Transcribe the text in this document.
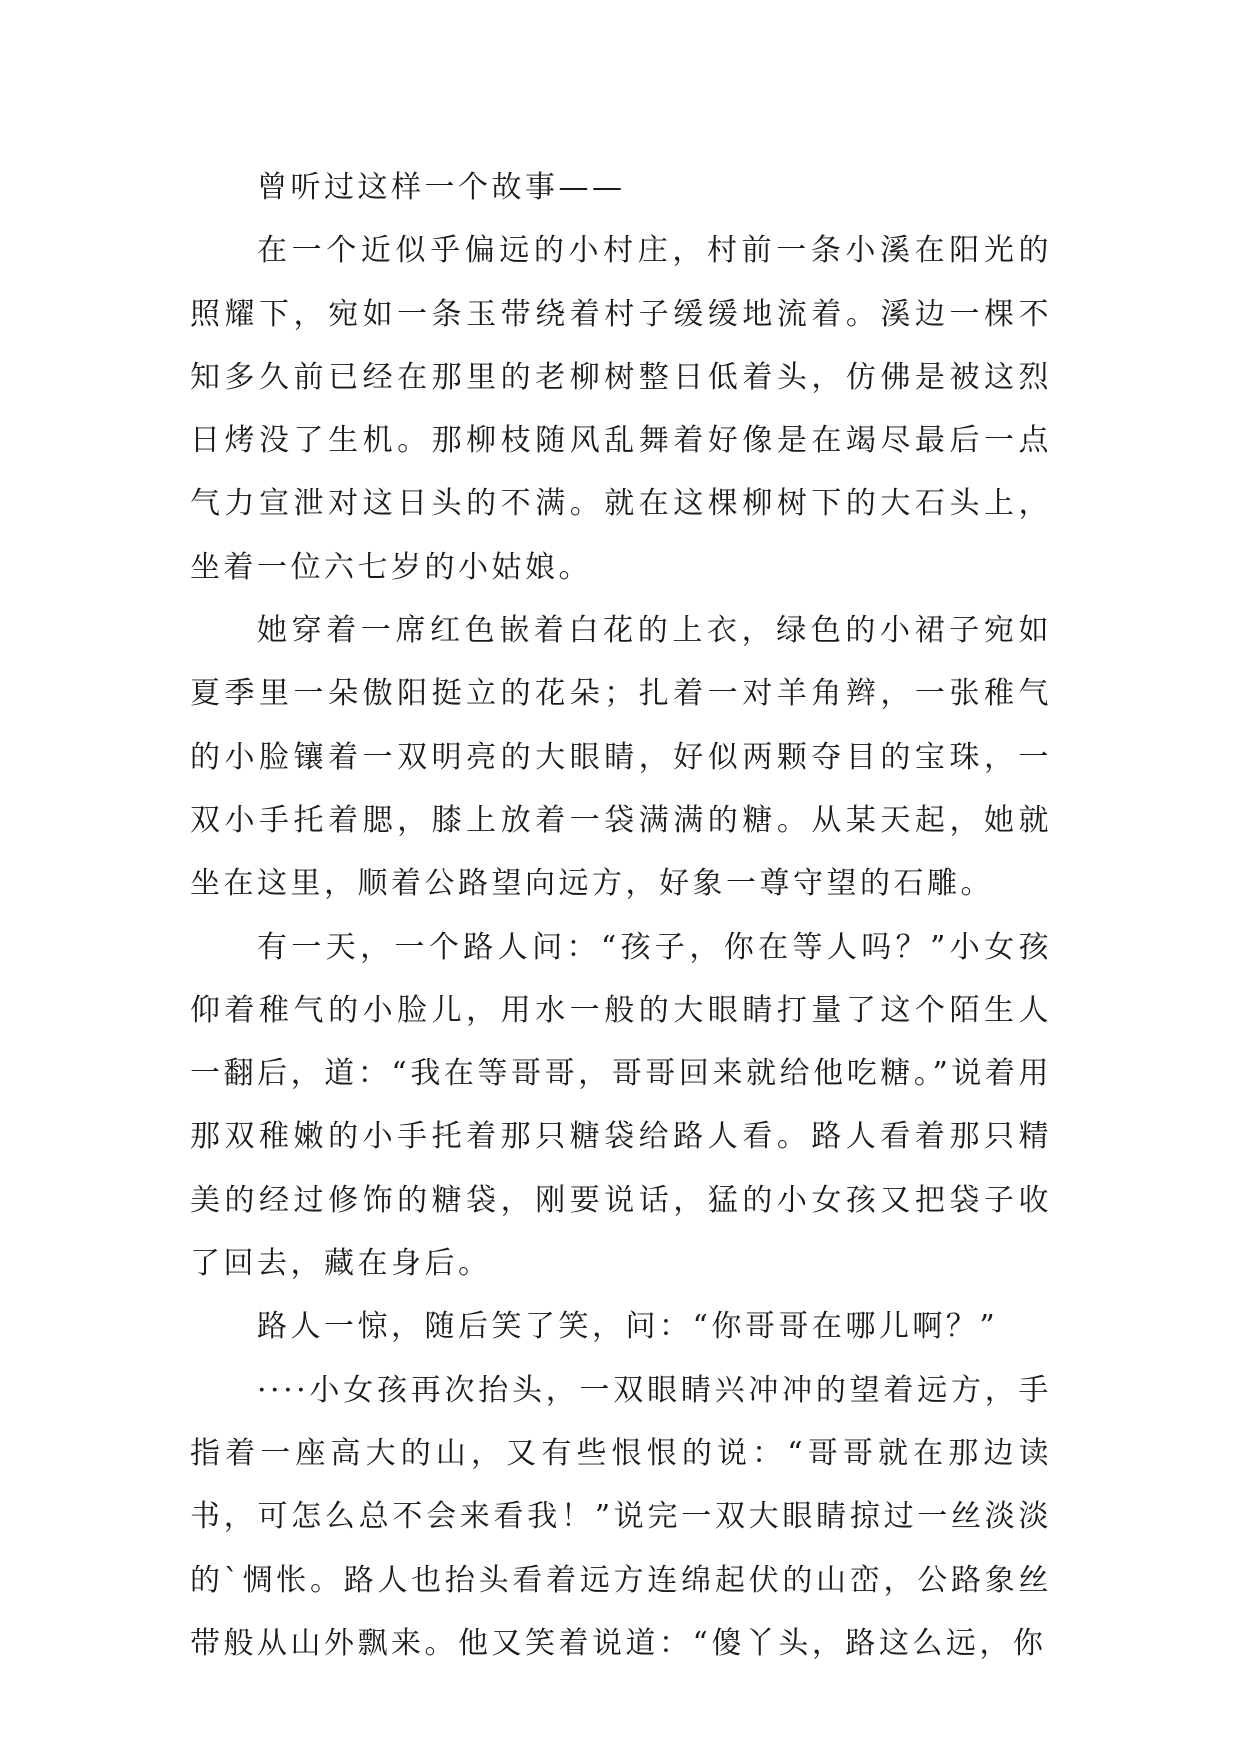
曾听过这样一个故事——

在一个近似乎偏远的小村庄，村前一条小溪在阳光的照耀下，宛如一条玉带绕着村子缓缓地流着。溪边一棵不知多久前已经在那里的老柳树整日低着头，仿佛是被这烈日烤没了生机。那柳枝随风乱舞着好像是在竭尽最后一点气力宣泄对这日头的不满。就在这棵柳树下的大石头上，坐着一位六七岁的小姑娘。

她穿着一席红色嵌着白花的上衣，绿色的小裙子宛如夏季里一朵傲阳挺立的花朵；扎着一对羊角辫，一张稚气的小脸镶着一双明亮的大眼睛，好似两颗夺目的宝珠，一双小手托着腮，膝上放着一袋满满的糖。从某天起，她就坐在这里，顺着公路望向远方，好象一尊守望的石雕。

有一天，一个路人问：“孩子，你在等人吗？”小女孩仰着稚气的小脸儿，用水一般的大眼睛打量了这个陌生人一翻后，道：“我在等哥哥，哥哥回来就给他吃糖。”说着用那双稚嫩的小手托着那只糖袋给路人看。路人看着那只精美的经过修饰的糖袋，刚要说话，猛的小女孩又把袋子收了回去，藏在身后。

路人一惊，随后笑了笑，问：“你哥哥在哪儿啊？”

····小女孩再次抬头，一双眼睛兴冲冲的望着远方，手指着一座高大的山，又有些恨恨的说：“哥哥就在那边读书，可怎么总不会来看我！”说完一双大眼睛掠过一丝淡淡的`惆怅。路人也抬头看着远方连绵起伏的山峦，公路象丝带般从山外飘来。他又笑着说道：“傻丫头，路这么远，你
